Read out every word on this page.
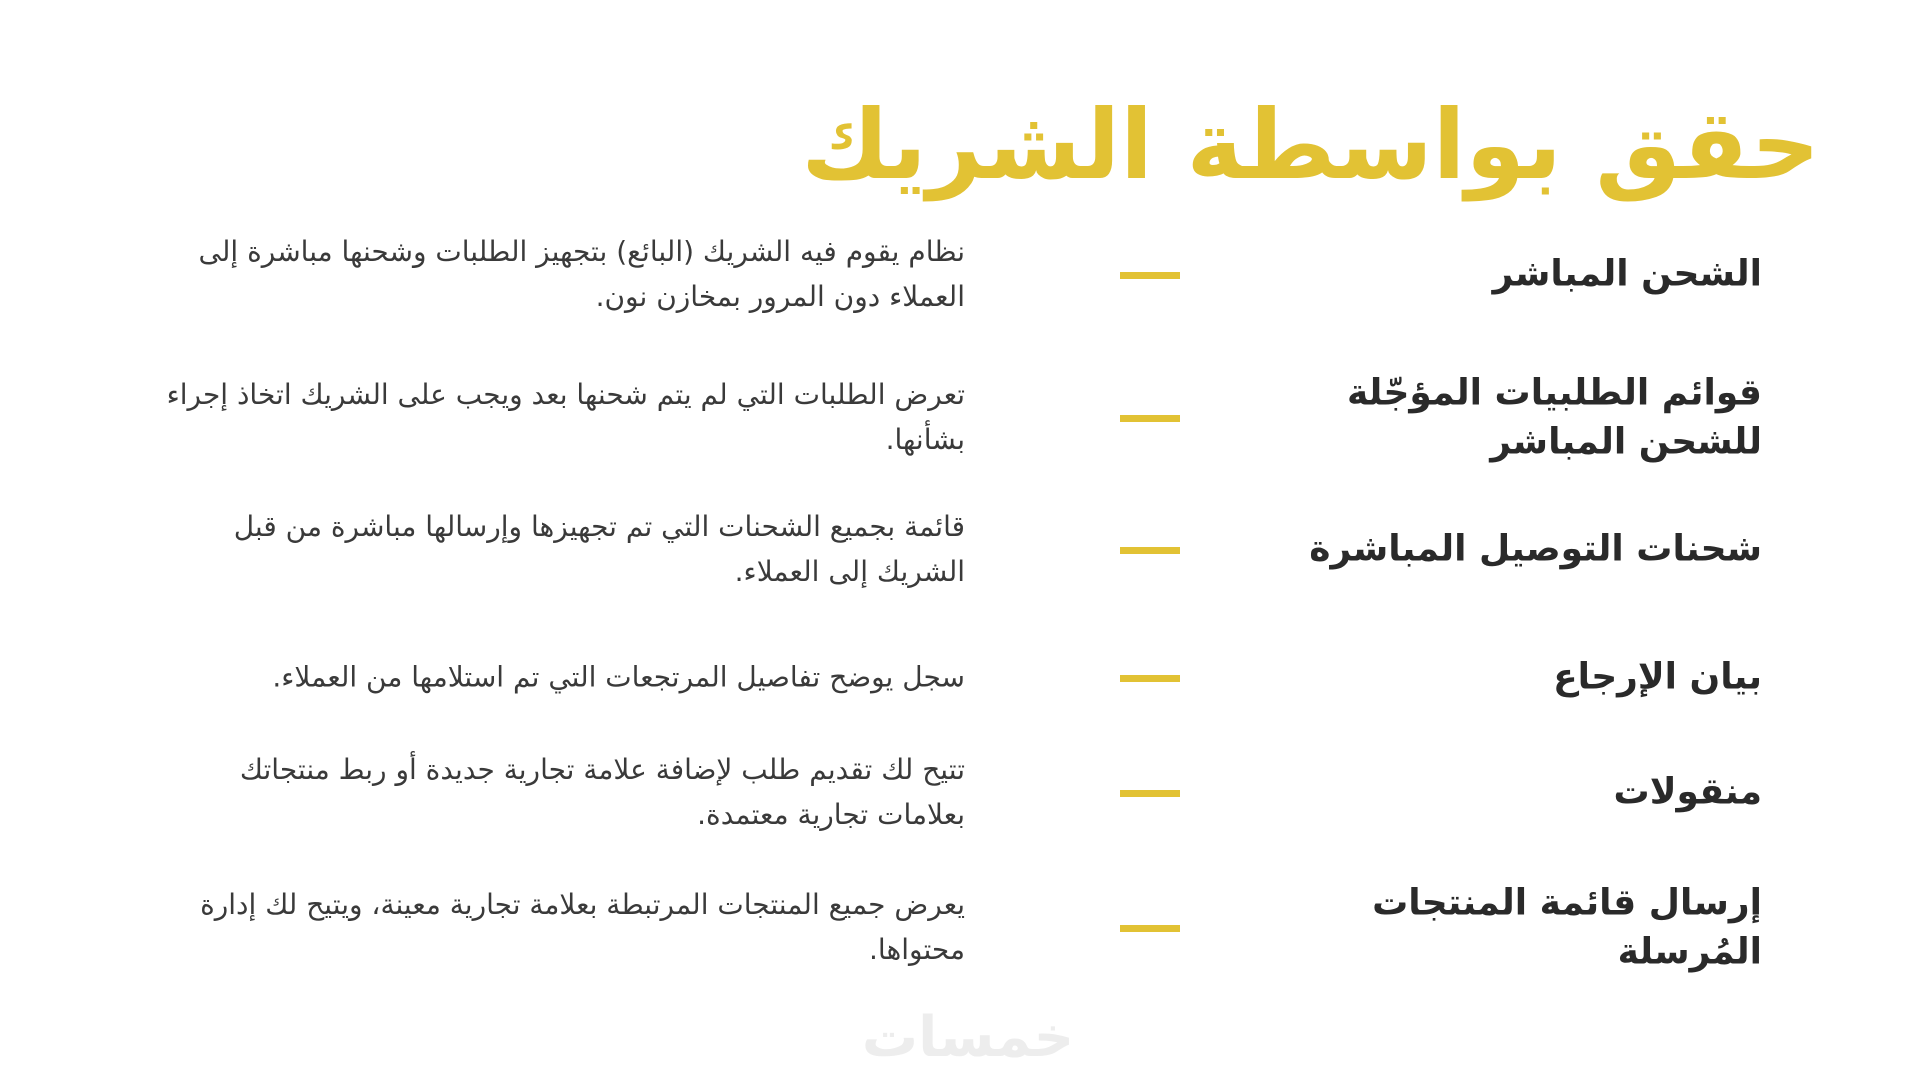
حقق بواسطة الشريك

الشحن المباشر

نظام يقوم فيه الشريك (البائع) بتجهيز الطلبات وشحنها مباشرة إلى العملاء دون المرور بمخازن نون.

قوائم الطلبيات المؤجّلة للشحن المباشر

تعرض الطلبات التي لم يتم شحنها بعد ويجب على الشريك اتخاذ إجراء بشأنها.

شحنات التوصيل المباشرة

قائمة بجميع الشحنات التي تم تجهيزها وإرسالها مباشرة من قبل الشريك إلى العملاء.

بيان الإرجاع

سجل يوضح تفاصيل المرتجعات التي تم استلامها من العملاء.

منقولات

تتيح لك تقديم طلب لإضافة علامة تجارية جديدة أو ربط منتجاتك بعلامات تجارية معتمدة.

إرسال قائمة المنتجات المُرسلة

يعرض جميع المنتجات المرتبطة بعلامة تجارية معينة، ويتيح لك إدارة محتواها.

خمسات
